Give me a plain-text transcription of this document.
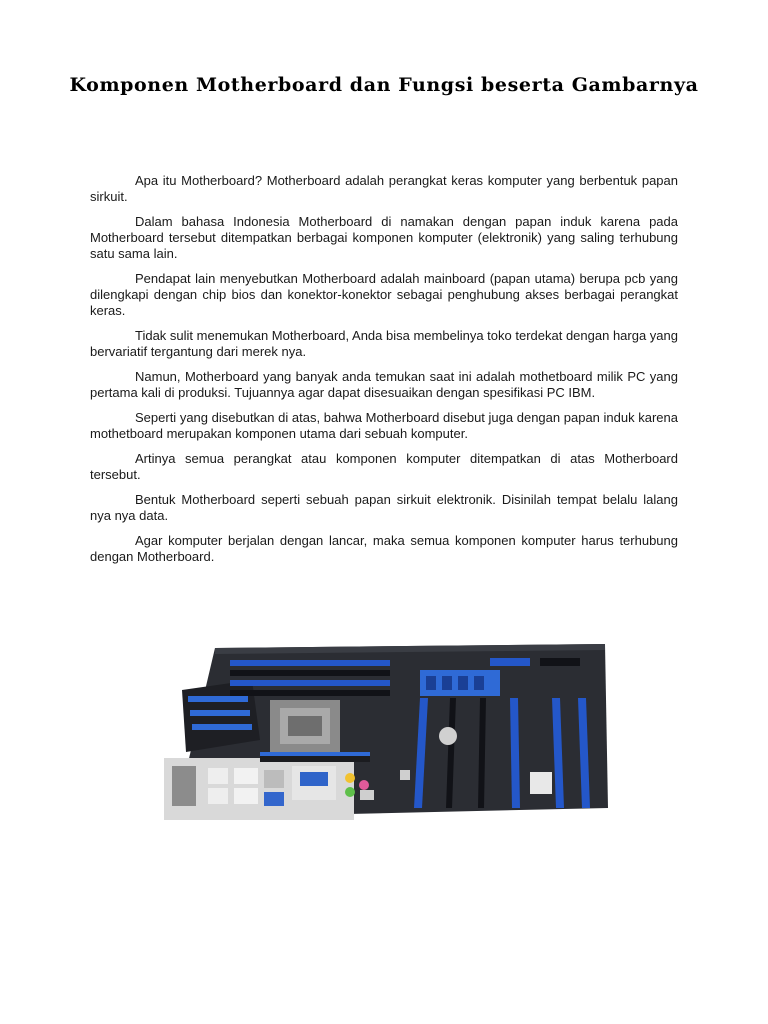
Komponen Motherboard dan Fungsi beserta Gambarnya

Apa itu Motherboard? Motherboard adalah perangkat keras komputer yang berbentuk papan sirkuit.

Dalam bahasa Indonesia Motherboard di namakan dengan papan induk karena pada Motherboard tersebut ditempatkan berbagai komponen komputer (elektronik) yang saling terhubung satu sama lain.

Pendapat lain menyebutkan Motherboard adalah mainboard (papan utama) berupa pcb yang dilengkapi dengan chip bios dan konektor-konektor sebagai penghubung akses berbagai perangkat keras.

Tidak sulit menemukan Motherboard, Anda bisa membelinya toko terdekat dengan harga yang bervariatif tergantung dari merek nya.

Namun, Motherboard yang banyak anda temukan saat ini adalah mothetboard milik PC yang pertama kali di produksi. Tujuannya agar dapat disesuaikan dengan spesifikasi PC IBM.

Seperti yang disebutkan di atas, bahwa Motherboard disebut juga dengan papan induk karena mothetboard merupakan komponen utama dari sebuah komputer.

Artinya semua perangkat atau komponen komputer ditempatkan di atas Motherboard tersebut.

Bentuk Motherboard seperti sebuah papan sirkuit elektronik. Disinilah tempat belalu lalang nya nya data.

Agar komputer berjalan dengan lancar, maka semua komponen komputer harus terhubung dengan Motherboard.
